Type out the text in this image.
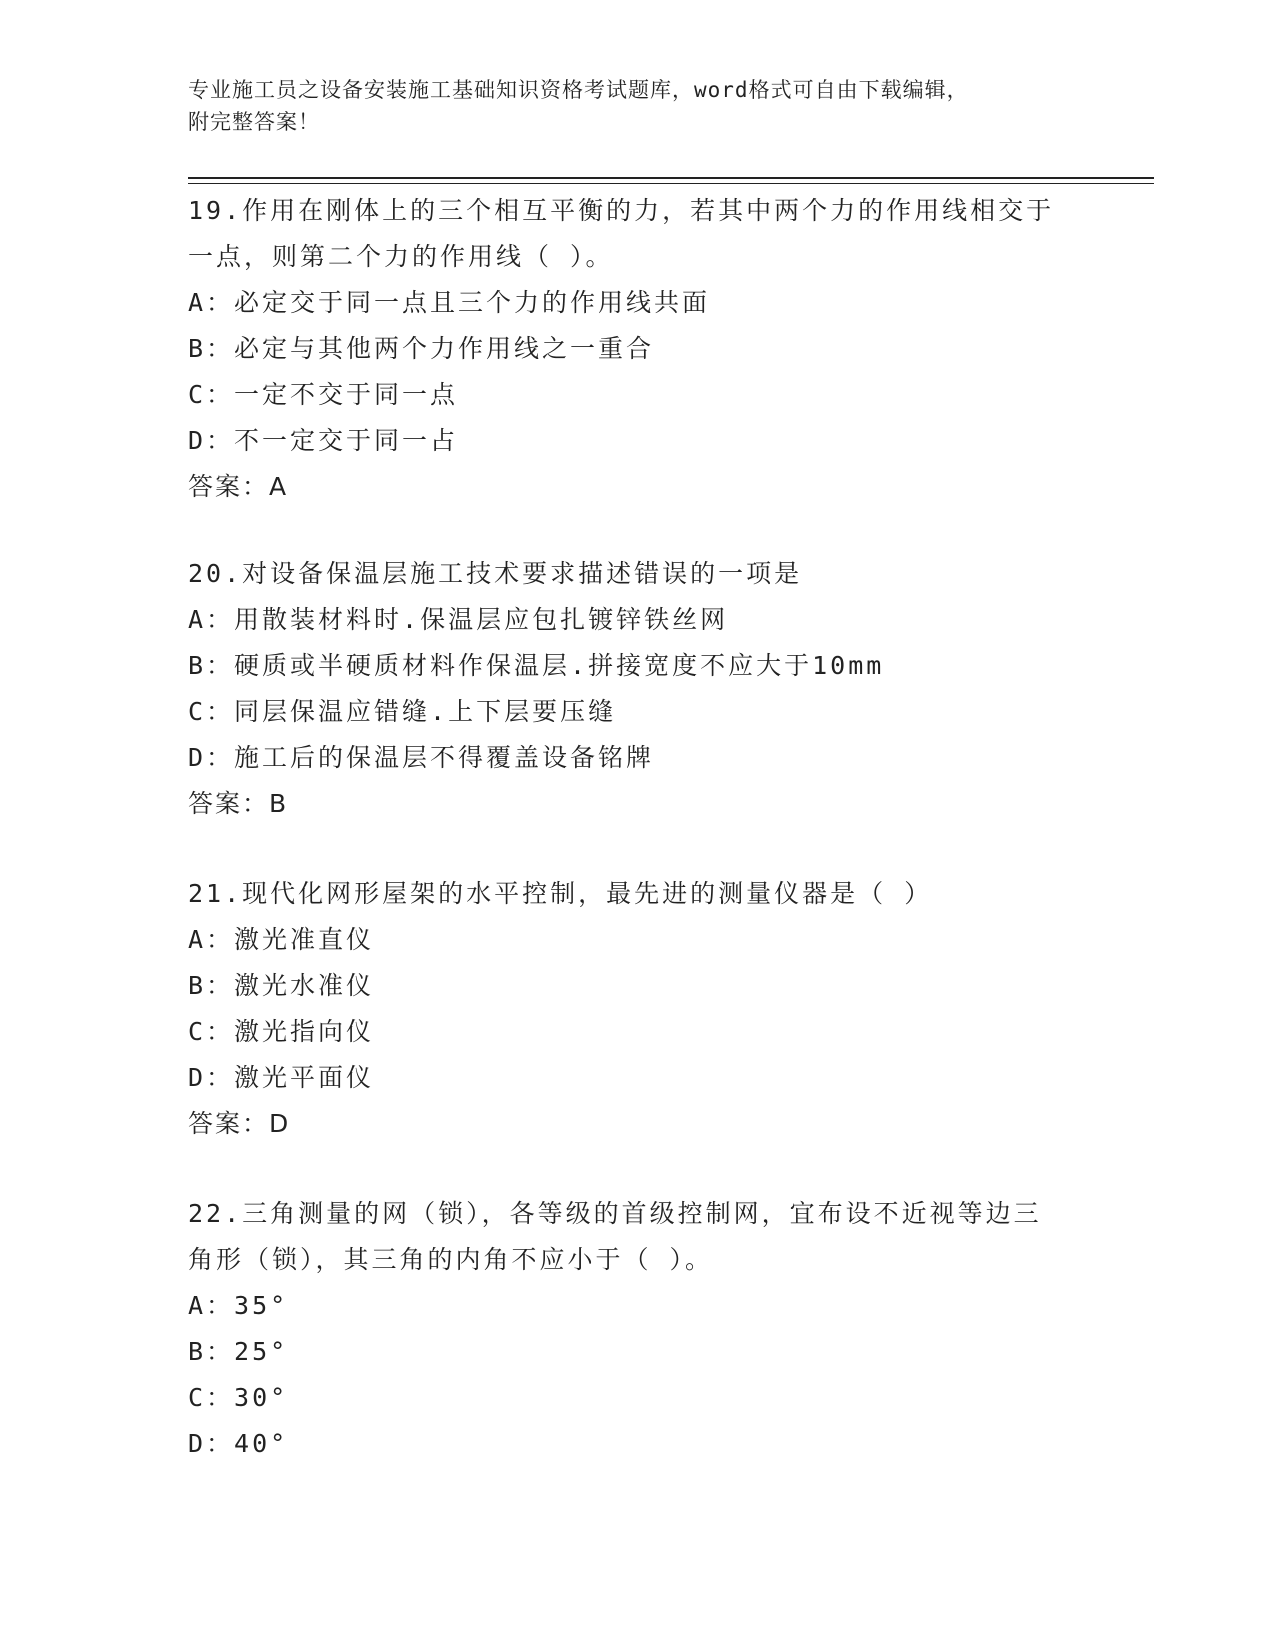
专业施工员之设备安装施工基础知识资格考试题库，word格式可自由下载编辑，
附完整答案！
19.作用在刚体上的三个相互平衡的力，若其中两个力的作用线相交于
一点，则第二个力的作用线（ ）。
A：必定交于同一点且三个力的作用线共面
B：必定与其他两个力作用线之一重合
C：一定不交于同一点
D：不一定交于同一占
答案：A
20.对设备保温层施工技术要求描述错误的一项是
A：用散装材料时.保温层应包扎镀锌铁丝网
B：硬质或半硬质材料作保温层.拼接宽度不应大于10mm
C：同层保温应错缝.上下层要压缝
D：施工后的保温层不得覆盖设备铭牌
答案：B
21.现代化网形屋架的水平控制，最先进的测量仪器是（ ）
A：激光准直仪
B：激光水准仪
C：激光指向仪
D：激光平面仪
答案：D
22.三角测量的网（锁），各等级的首级控制网，宜布设不近视等边三
角形（锁），其三角的内角不应小于（ ）。
A：35°
B：25°
C：30°
D：40°
